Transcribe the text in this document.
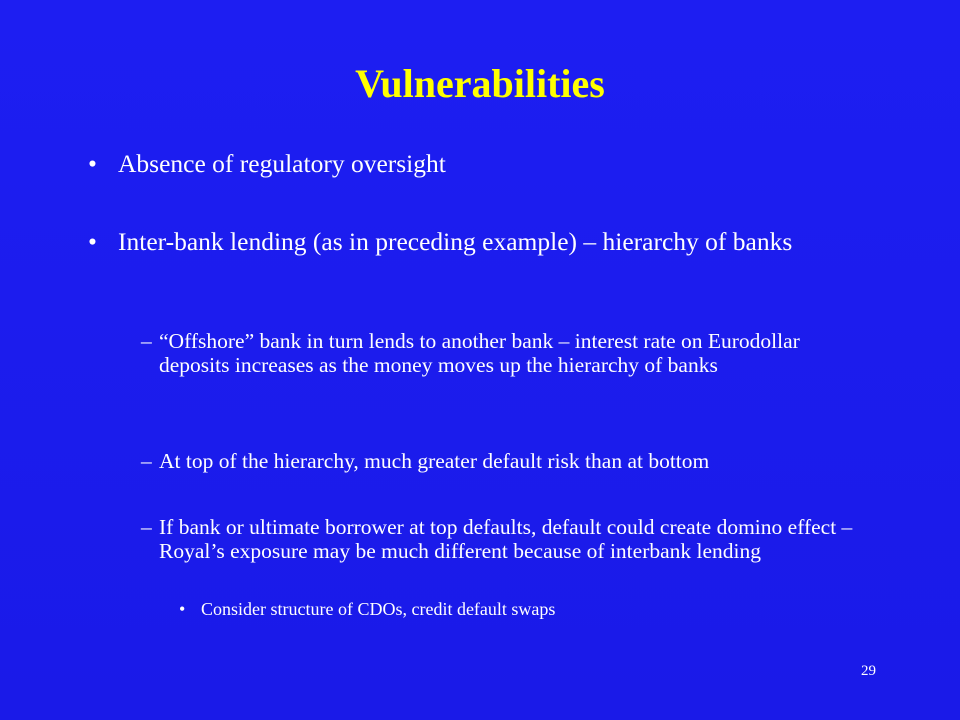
Vulnerabilities
• Absence of regulatory oversight
• Inter-bank lending (as in preceding example) – hierarchy of banks
– “Offshore” bank in turn lends to another bank – interest rate on Eurodollar deposits increases as the money moves up the hierarchy of banks
– At top of the hierarchy, much greater default risk than at bottom
– If bank or ultimate borrower at top defaults, default could create domino effect – Royal’s exposure may be much different because of interbank lending
• Consider structure of CDOs, credit default swaps
29
